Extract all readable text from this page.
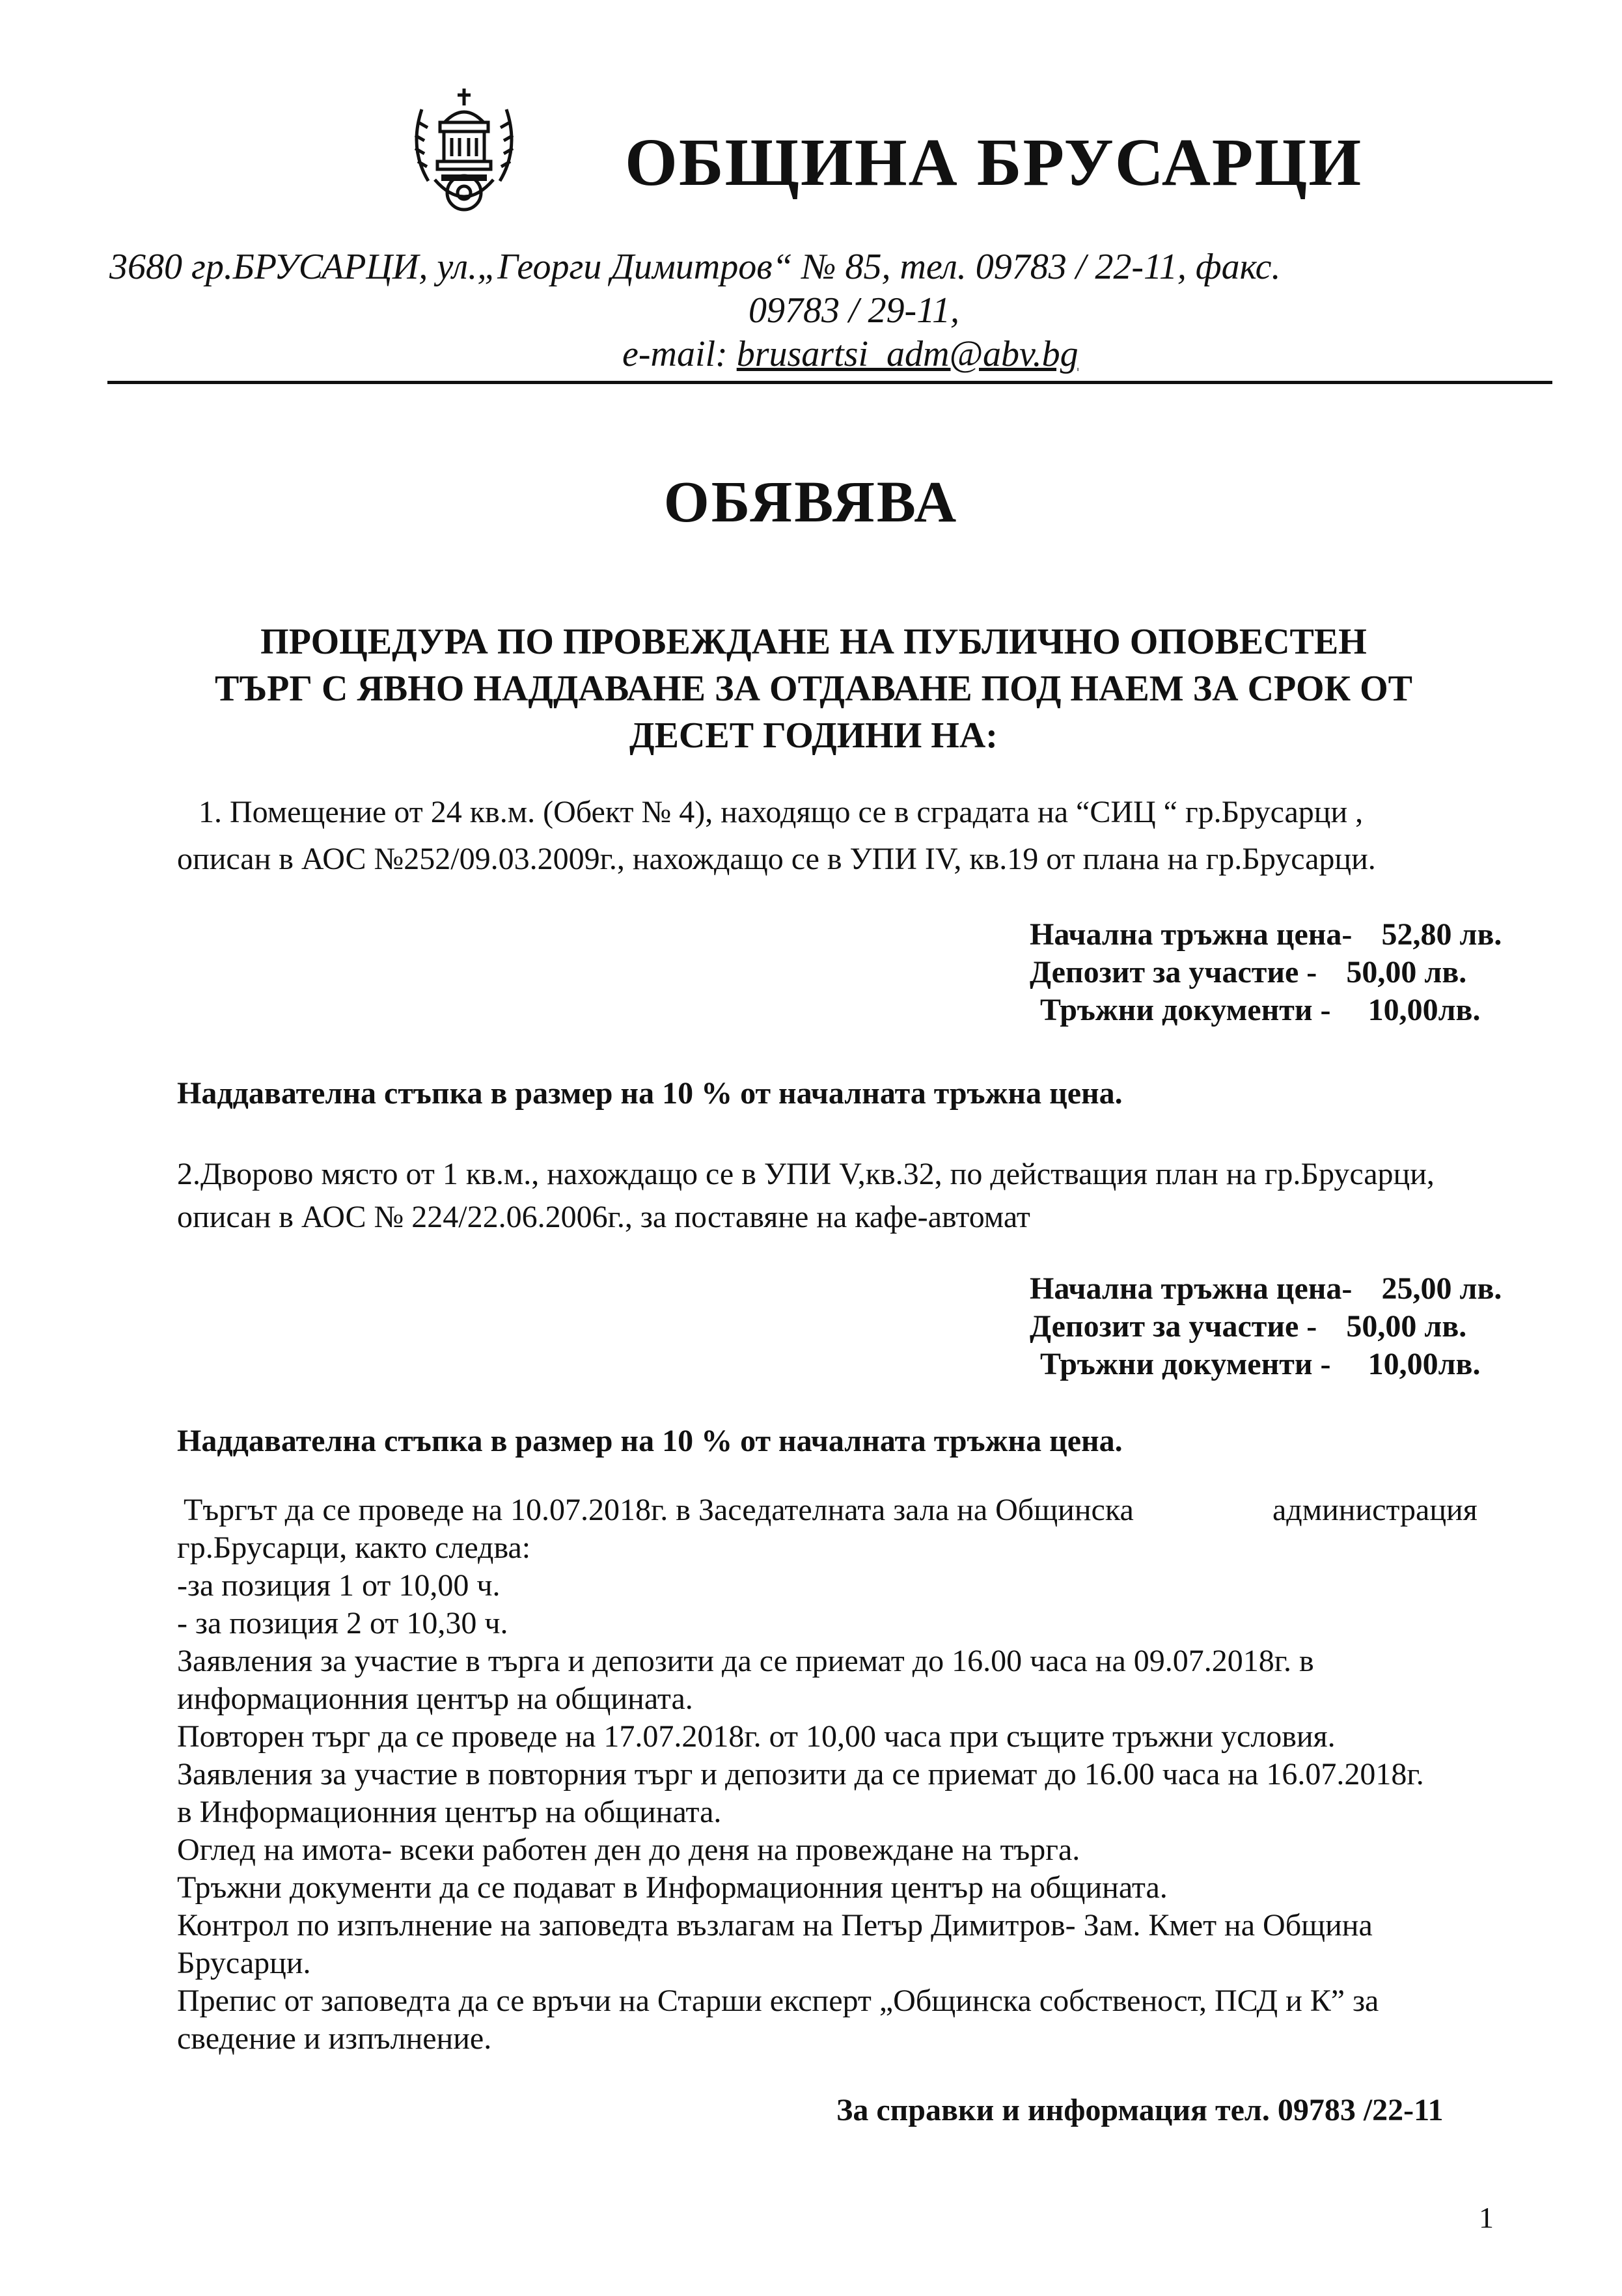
ОБЩИНА БРУСАРЦИ
3680 гр.БРУСАРЦИ, ул.„Георги Димитров“ № 85, тел. 09783 / 22-11, факс.
09783 / 29-11,
e-mail: brusartsi_adm@abv.bg
ОБЯВЯВА
ПРОЦЕДУРА ПО ПРОВЕЖДАНЕ НА ПУБЛИЧНО ОПОВЕСТЕН
ТЪРГ С ЯВНО НАДДАВАНЕ ЗА ОТДАВАНЕ ПОД НАЕМ ЗА СРОК ОТ
ДЕСЕТ ГОДИНИ НА:
1. Помещение от 24 кв.м. (Обект № 4), находящо се в сградата на “СИЦ “ гр.Брусарци ,
описан в АОС №252/09.03.2009г., нахождащо се в УПИ IV, кв.19 от плана на гр.Брусарци.
Начална тръжна цена- 52,80 лв.
Депозит за участие - 50,00 лв.
Тръжни документи - 10,00лв.
Наддавателна стъпка в размер на 10 % от началната тръжна цена.
2.Дворово място от 1 кв.м., нахождащо се в УПИ V,кв.32, по действащия план на гр.Брусарци,
описан в АОС № 224/22.06.2006г., за поставяне на кафе-автомат
Начална тръжна цена- 25,00 лв.
Депозит за участие - 50,00 лв.
Тръжни документи - 10,00лв.
Наддавателна стъпка в размер на 10 % от началната тръжна цена.
Търгът да се проведе на 10.07.2018г. в Заседателната зала на Общинска	администрация
гр.Брусарци, както следва:
-за позиция 1 от 10,00 ч.
- за позиция 2 от 10,30 ч.
Заявления за участие в търга и депозити да се приемат до 16.00 часа на 09.07.2018г. в
информационния център на общината.
Повторен търг да се проведе на 17.07.2018г. от 10,00 часа при същите тръжни условия.
Заявления за участие в повторния търг и депозити да се приемат до 16.00 часа на 16.07.2018г.
в Информационния център на общината.
Оглед на имота- всеки работен ден до деня на провеждане на търга.
Тръжни документи да се подават в Информационния център на общината.
Контрол по изпълнение на заповедта възлагам на Петър Димитров- Зам. Кмет на Община
Брусарци.
Препис от заповедта да се връчи на Старши експерт „Общинска собственост, ПСД и К” за
сведение и изпълнение.
За справки и информация тел. 09783 /22-11
1
